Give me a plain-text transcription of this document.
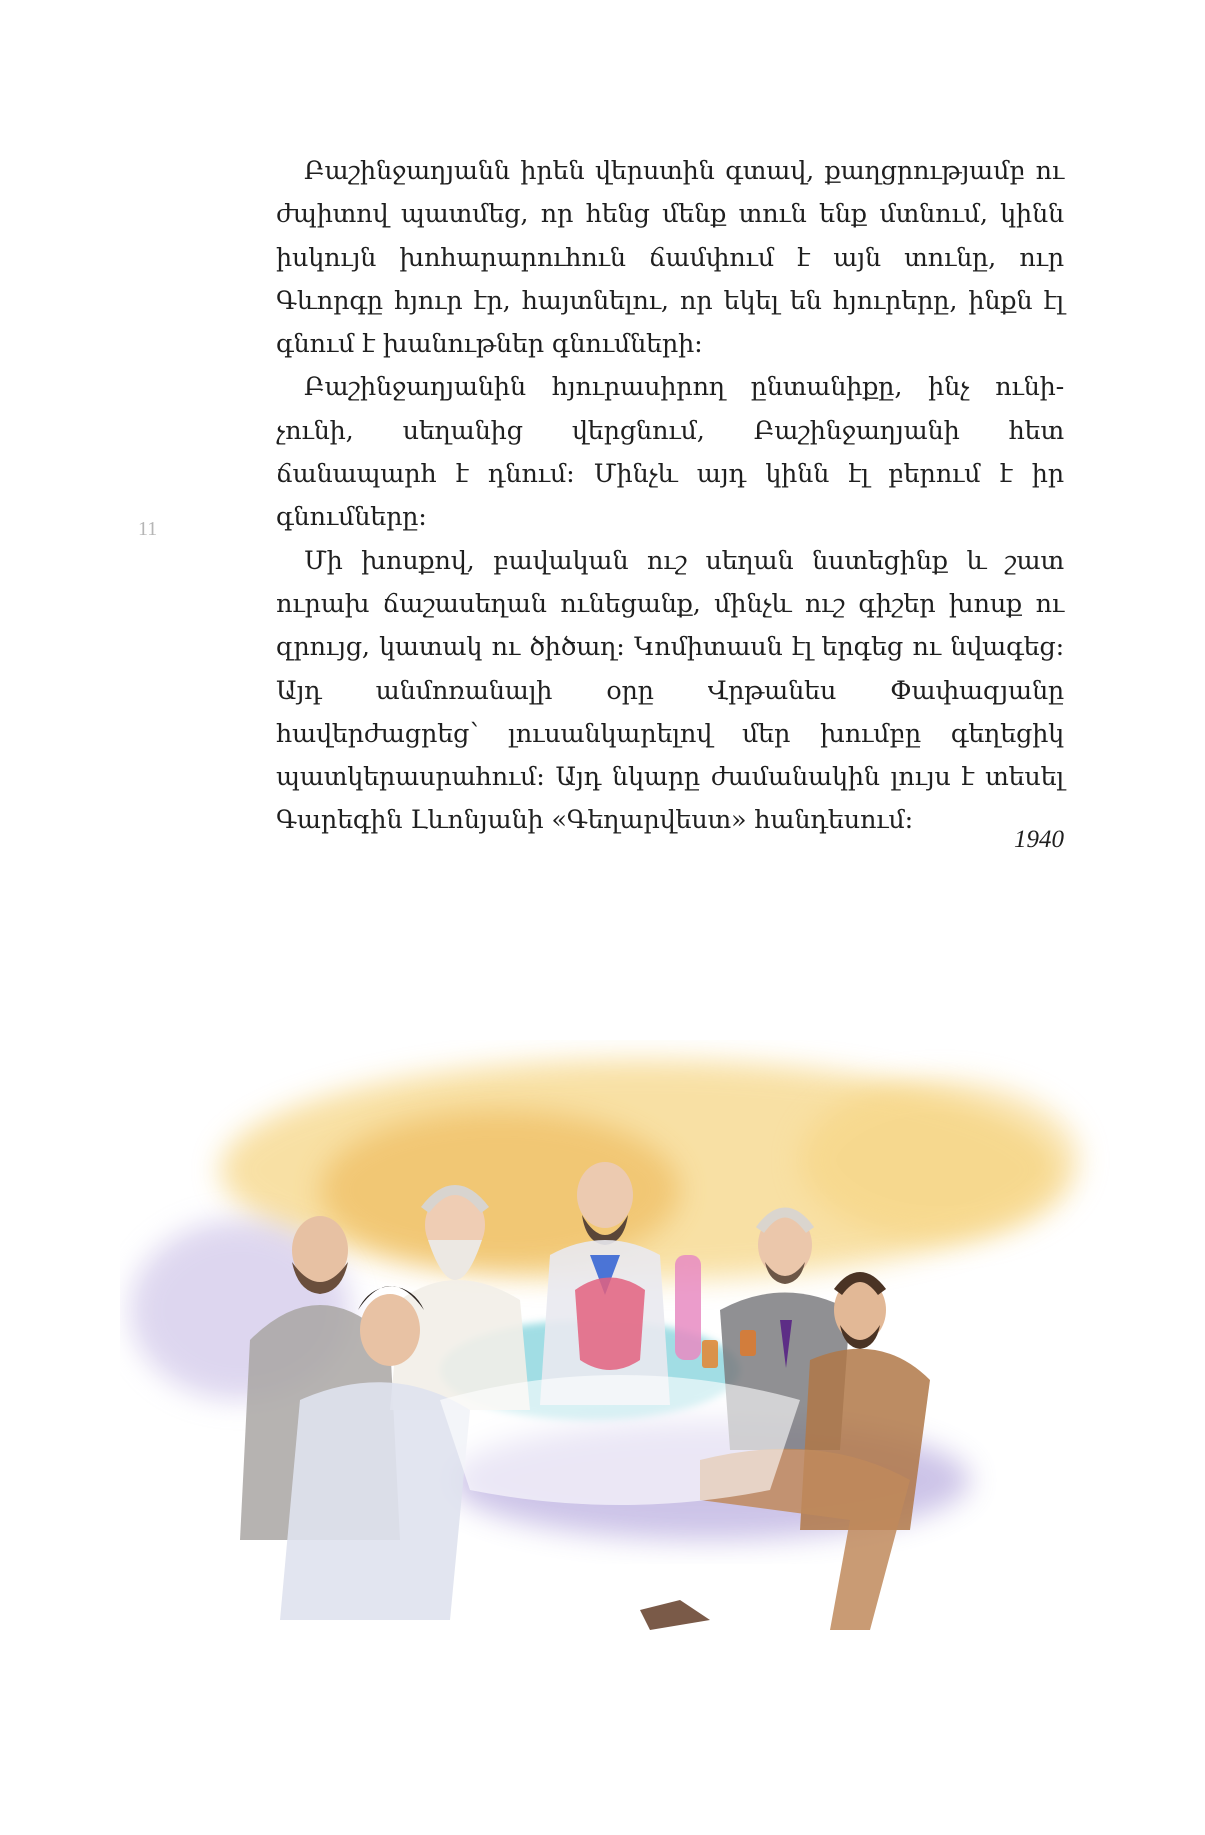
11

Բաշինջաղյանն իրեն վերստին գտավ, քաղցրությամբ ու ժպիտով պատմեց, որ հենց մենք տուն ենք մտնում, կինն իսկույն խոհարարուհուն ճամփում է այն տունը, ուր Գևորգը հյուր էր, հայտնելու, որ եկել են հյուրերը, ինքն էլ գնում է խանութներ գնումների:

Բաշինջաղյանին հյուրասիրող ընտանիքը, ինչ ունի-չունի, սեղանից վերցնում, Բաշինջաղյանի հետ ճանապարհ է դնում: Մինչև այդ կինն էլ բերում է իր գնումները:

Մի խոսքով, բավական ուշ սեղան նստեցինք և շատ ուրախ ճաշասեղան ունեցանք, մինչև ուշ գիշեր խոսք ու զրույց, կատակ ու ծիծաղ: Կոմիտասն էլ երգեց ու նվագեց: Այդ անմոռանալի օրը Վրթանես Փափազյանը հավերժացրեց՝ լուսանկարելով մեր խումբը գեղեցիկ պատկերասրահում: Այդ նկարը ժամանակին լույս է տեսել Գարեգին Լևոնյանի «Գեղարվեստ» հանդեսում:

1940
